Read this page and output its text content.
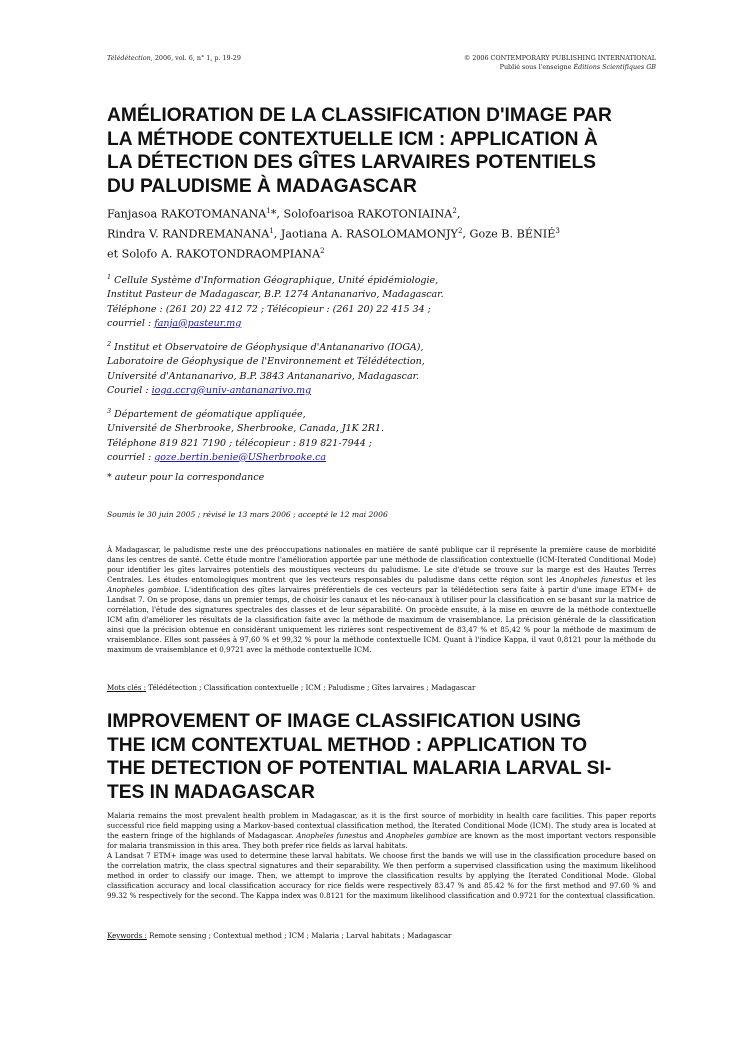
Télédétection, 2006, vol. 6, n° 1, p. 19-29	© 2006 CONTEMPORARY PUBLISHING INTERNATIONAL
Publié sous l'enseigne Éditions Scientifiques GB
AMÉLIORATION DE LA CLASSIFICATION D'IMAGE PAR
LA MÉTHODE CONTEXTUELLE ICM : APPLICATION À
LA DÉTECTION DES GÎTES LARVAIRES POTENTIELS
DU PALUDISME À MADAGASCAR
Fanjasoa RAKOTOMANANA$^1$*, Solofoarisoa RAKOTONIAINA$^2$,
Rindra V. RANDREMANANA$^1$, Jaotiana A. RASOLOMAMONJY$^2$, Goze B. BÉNIÉ$^3$
et Solofo A. RAKOTONDRAOMPIANA$^2$
$^1$ Cellule Système d'Information Géographique, Unité épidémiologie,
Institut Pasteur de Madagascar, B.P. 1274 Antananarivo, Madagascar.
Téléphone : (261 20) 22 412 72 ; Télécopieur : (261 20) 22 415 34 ;
courriel : fanja@pasteur.mg
$^2$ Institut et Observatoire de Géophysique d'Antananarivo (IOGA),
Laboratoire de Géophysique de l'Environnement et Télédétection,
Université d'Antananarivo, B.P. 3843 Antananarivo, Madagascar.
Couriel : ioga.ccrg@univ-antananarivo.mg
$^3$ Département de géomatique appliquée,
Université de Sherbrooke, Sherbrooke, Canada, J1K 2R1.
Téléphone 819 821 7190 ; télécopieur : 819 821-7944 ;
courriel : goze.bertin.benie@USherbrooke.ca
* auteur pour la correspondance
Soumis le 30 juin 2005 ; révisé le 13 mars 2006 ; accepté le 12 mai 2006
À Madagascar, le paludisme reste une des préoccupations nationales en matière de santé publique car il représente la première cause de morbidité dans les centres de santé. Cette étude montre l'amélioration apportée par une méthode de classification contextuelle (ICM-Iterated Conditional Mode) pour identifier les gîtes larvaires potentiels des moustiques vecteurs du paludisme. Le site d'étude se trouve sur la marge est des Hautes Terres Centrales. Les études entomologiques montrent que les vecteurs responsables du paludisme dans cette région sont les Anopheles funestus et les Anopheles gambiae. L'identification des gîtes larvaires préférentiels de ces vecteurs par la télédétection sera faite à partir d'une image ETM+ de Landsat 7. On se propose, dans un premier temps, de choisir les canaux et les néo-canaux à utiliser pour la classification en se basant sur la matrice de corrélation, l'étude des signatures spectrales des classes et de leur séparabilité. On procède ensuite, à la mise en œuvre de la méthode contextuelle ICM afin d'améliorer les résultats de la classification faite avec la méthode de maximum de vraisemblance. La précision générale de la classification ainsi que la précision obtenue en considérant uniquement les rizières sont respectivement de 83,47 % et 85,42 % pour la méthode de maximum de vraisemblance. Elles sont passées à 97,60 % et 99,32 % pour la méthode contextuelle ICM. Quant à l'indice Kappa, il vaut 0,8121 pour la méthode du maximum de vraisemblance et 0,9721 avec la méthode contextuelle ICM.
Mots clés : Télédétection ; Classification contextuelle ; ICM ; Paludisme ; Gîtes larvaires ; Madagascar
IMPROVEMENT OF IMAGE CLASSIFICATION USING
THE ICM CONTEXTUAL METHOD : APPLICATION TO
THE DETECTION OF POTENTIAL MALARIA LARVAL SI-
TES IN MADAGASCAR
Malaria remains the most prevalent health problem in Madagascar, as it is the first source of morbidity in health care facilities. This paper reports successful rice field mapping using a Markov-based contextual classification method, the Iterated Conditional Mode (ICM). The study area is located at the eastern fringe of the highlands of Madagascar. Anopheles funestus and Anopheles gambiae are known as the most important vectors responsible for malaria transmission in this area. They both prefer rice fields as larval habitats.
A Landsat 7 ETM+ image was used to determine these larval habitats. We choose first the bands we will use in the classification procedure based on the correlation matrix, the class spectral signatures and their separability. We then perform a supervised classification using the maximum likelihood method in order to classify our image. Then, we attempt to improve the classification results by applying the Iterated Conditional Mode. Global classification accuracy and local classification accuracy for rice fields were respectively 83.47 % and 85.42 % for the first method and 97.60 % and 99.32 % respectively for the second. The Kappa index was 0.8121 for the maximum likelihood classification and 0.9721 for the contextual classification.
Keywords : Remote sensing ; Contextual method ; ICM ; Malaria ; Larval habitats ; Madagascar
